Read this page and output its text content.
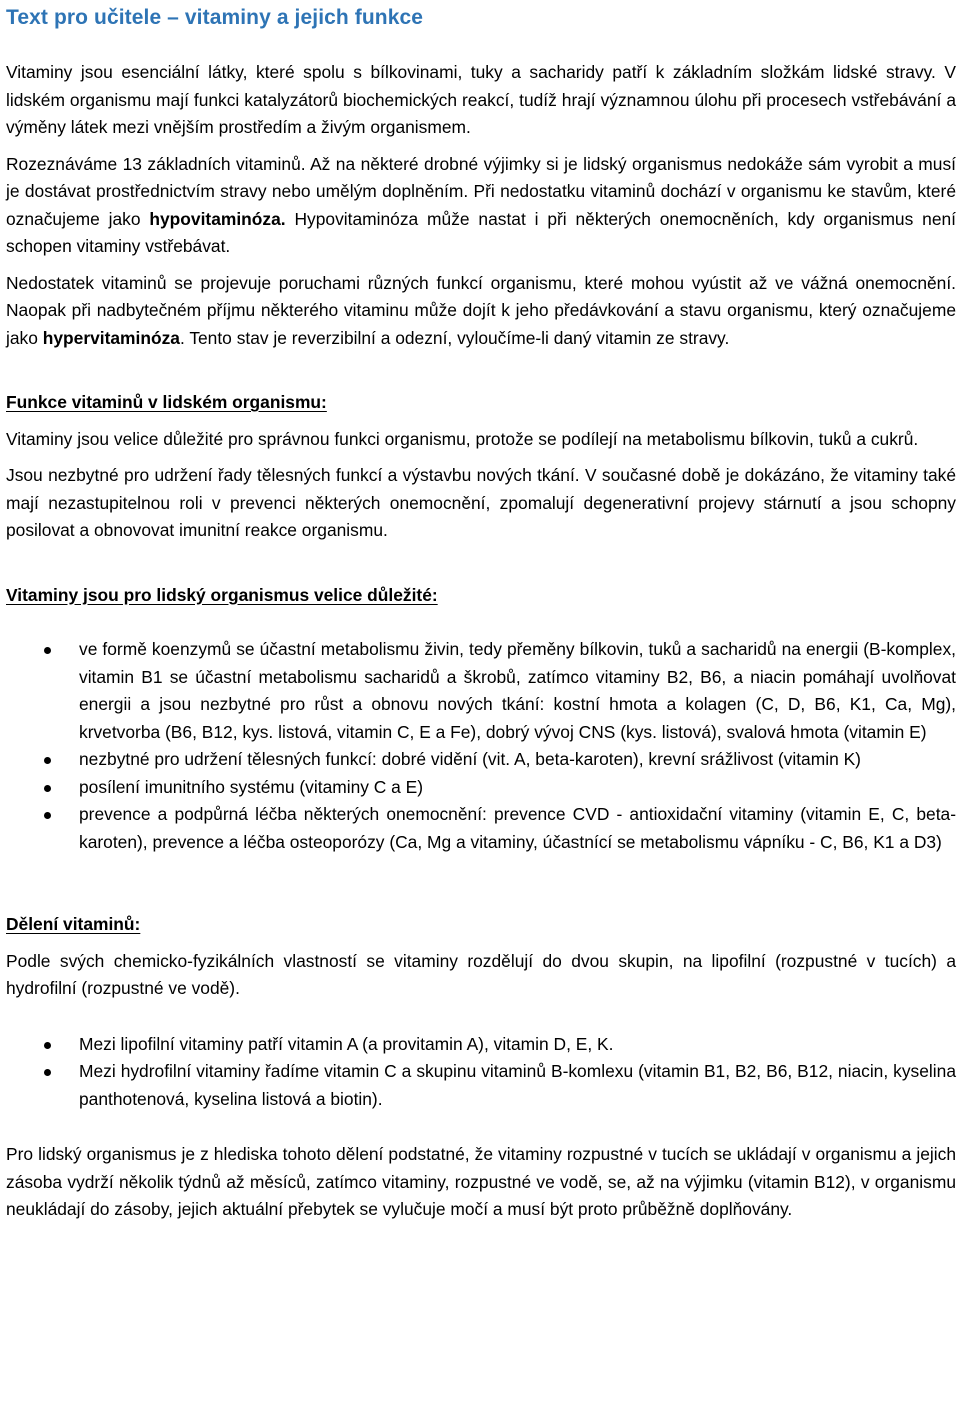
Text pro učitele – vitaminy a jejich funkce

Vitaminy jsou esenciální látky, které spolu s bílkovinami, tuky a sacharidy patří k základním složkám lidské stravy. V lidském organismu mají funkci katalyzátorů biochemických reakcí, tudíž hrají významnou úlohu při procesech vstřebávání a výměny látek mezi vnějším prostředím a živým organismem.

Rozeznáváme 13 základních vitaminů. Až na některé drobné výjimky si je lidský organismus nedokáže sám vyrobit a musí je dostávat prostřednictvím stravy nebo umělým doplněním. Při nedostatku vitaminů dochází v organismu ke stavům, které označujeme jako hypovitaminóza. Hypovitaminóza může nastat i při některých onemocněních, kdy organismus není schopen vitaminy vstřebávat.

Nedostatek vitaminů se projevuje poruchami různých funkcí organismu, které mohou vyústit až ve vážná onemocnění. Naopak při nadbytečném příjmu některého vitaminu může dojít k jeho předávkování a stavu organismu, který označujeme jako hypervitaminóza. Tento stav je reverzibilní a odezní, vyloučíme-li daný vitamin ze stravy.

Funkce vitaminů v lidském organismu:

Vitaminy jsou velice důležité pro správnou funkci organismu, protože se podílejí na metabolismu bílkovin, tuků a cukrů.

Jsou nezbytné pro udržení řady tělesných funkcí a výstavbu nových tkání. V současné době je dokázáno, že vitaminy také mají nezastupitelnou roli v prevenci některých onemocnění, zpomalují degenerativní projevy stárnutí a jsou schopny posilovat a obnovovat imunitní reakce organismu.

Vitaminy jsou pro lidský organismus velice důležité:
ve formě koenzymů se účastní metabolismu živin, tedy přeměny bílkovin, tuků a sacharidů na energii (B-komplex, vitamin B1 se účastní metabolismu sacharidů a škrobů, zatímco vitaminy B2, B6, a niacin pomáhají uvolňovat energii a jsou nezbytné pro růst a obnovu nových tkání: kostní hmota a kolagen (C, D, B6, K1, Ca, Mg), krvetvorba (B6, B12, kys. listová, vitamin C, E a Fe), dobrý vývoj CNS (kys. listová), svalová hmota (vitamin E)
nezbytné pro udržení tělesných funkcí: dobré vidění (vit. A, beta-karoten), krevní srážlivost (vitamin K)
posílení imunitního systému (vitaminy C a E)
prevence a podpůrná léčba některých onemocnění: prevence CVD - antioxidační vitaminy (vitamin E, C, beta-karoten), prevence a léčba osteoporózy (Ca, Mg a vitaminy, účastnící se metabolismu vápníku - C, B6, K1 a D3)
Dělení vitaminů:

Podle svých chemicko-fyzikálních vlastností se vitaminy rozdělují do dvou skupin, na lipofilní (rozpustné v tucích) a hydrofilní (rozpustné ve vodě).

Mezi lipofilní vitaminy patří vitamin A (a provitamin A), vitamin D, E, K.
Mezi hydrofilní vitaminy řadíme vitamin C a skupinu vitaminů B-komlexu (vitamin B1, B2, B6, B12, niacin, kyselina panthotenová, kyselina listová a biotin).

Pro lidský organismus je z hlediska tohoto dělení podstatné, že vitaminy rozpustné v tucích se ukládají v organismu a jejich zásoba vydrží několik týdnů až měsíců, zatímco vitaminy, rozpustné ve vodě, se, až na výjimku (vitamin B12), v organismu neukládají do zásoby, jejich aktuální přebytek se vylučuje močí a musí být proto průběžně doplňovány.
